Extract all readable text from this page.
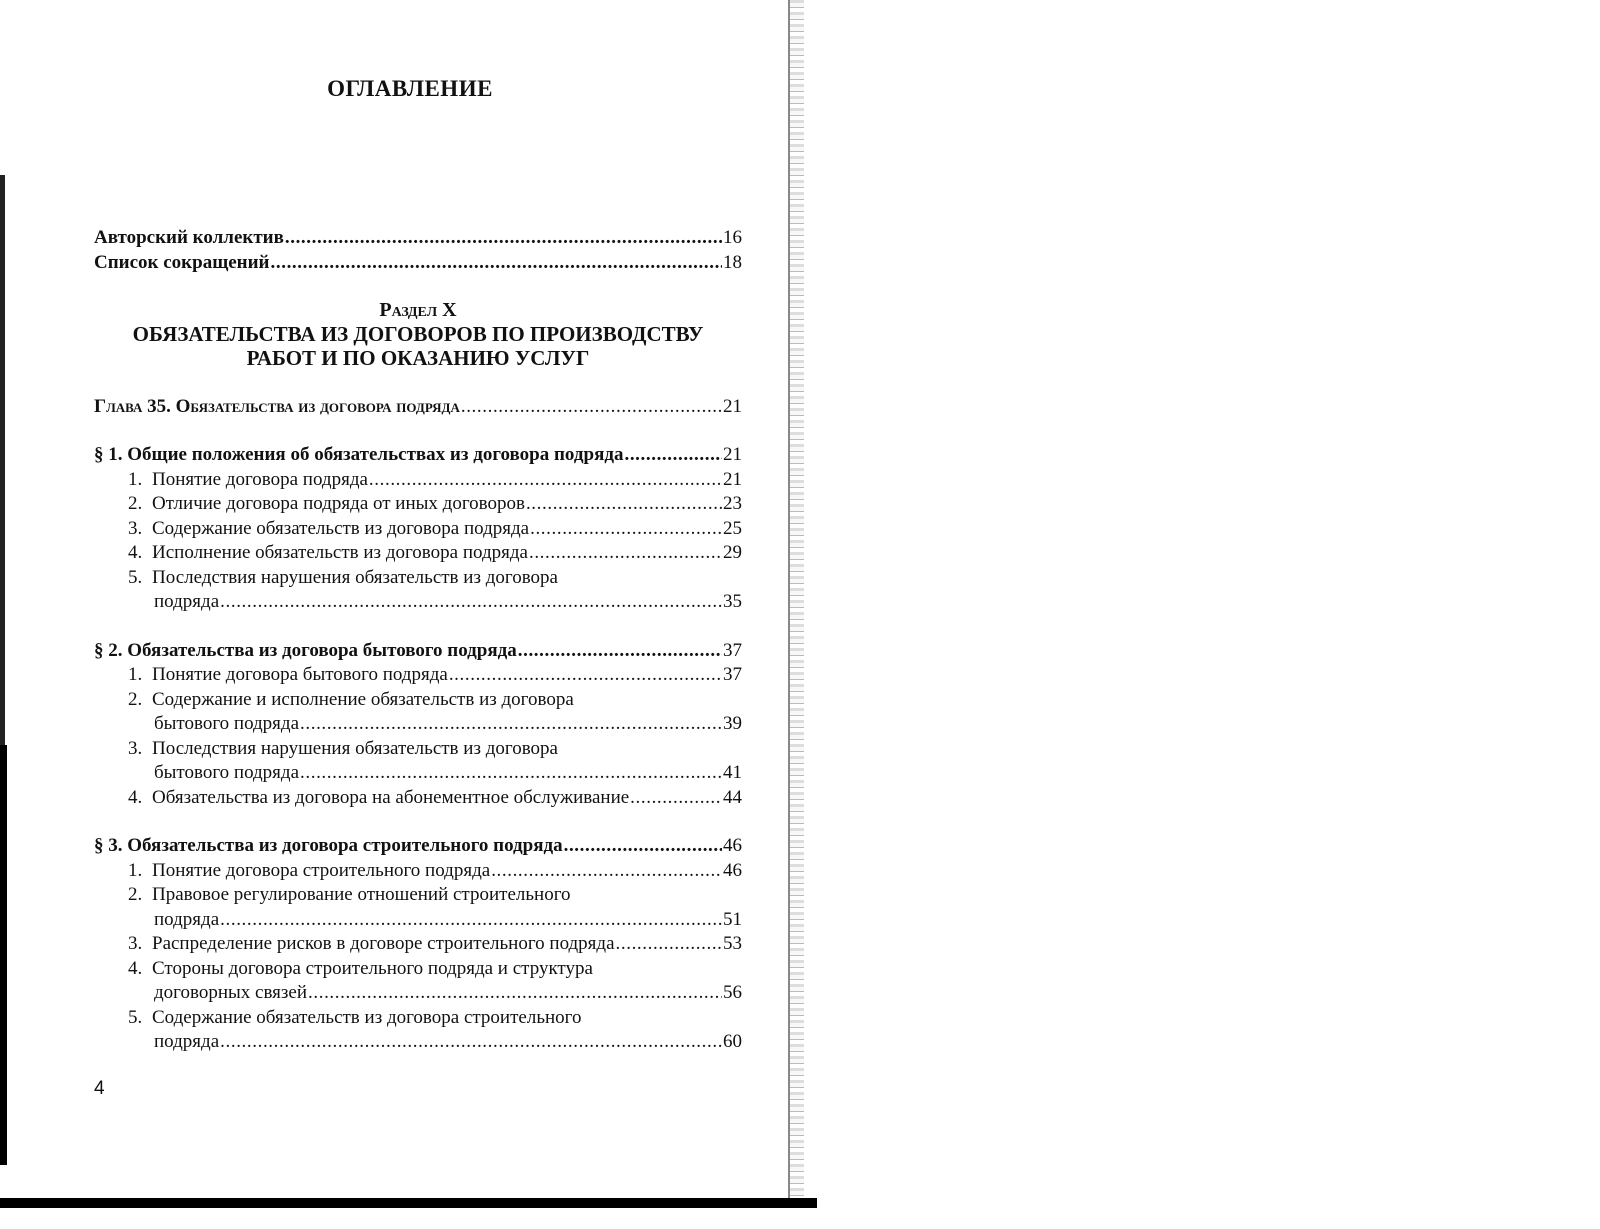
ОГЛАВЛЕНИЕ
Авторский коллектив .....	16
Список сокращений .....	18

Раздел X

ОБЯЗАТЕЛЬСТВА ИЗ ДОГОВОРОВ ПО ПРОИЗВОДСТВУ

РАБОТ И ПО ОКАЗАНИЮ УСЛУГ

Глава 35. Обязательства из договора подряда .....	21
§ 1. Общие положения об обязательствах из договора подряда .....	21
1. Понятие договора подряда .....	21
2. Отличие договора подряда от иных договоров .....	23
3. Содержание обязательств из договора подряда .....	25
4. Исполнение обязательств из договора подряда .....	29
5. Последствия нарушения обязательств из договора
подряда .....	35
§ 2. Обязательства из договора бытового подряда .....	37
1. Понятие договора бытового подряда .....	37
2. Содержание и исполнение обязательств из договора
бытового подряда .....	39
3. Последствия нарушения обязательств из договора
бытового подряда .....	41
4. Обязательства из договора на абонементное обслуживание .....	44
§ 3. Обязательства из договора строительного подряда .....	46
1. Понятие договора строительного подряда .....	46
2. Правовое регулирование отношений строительного
подряда .....	51
3. Распределение рисков в договоре строительного подряда .....	53
4. Стороны договора строительного подряда и структура
договорных связей .....	56
5. Содержание обязательств из договора строительного
подряда .....	60
4
